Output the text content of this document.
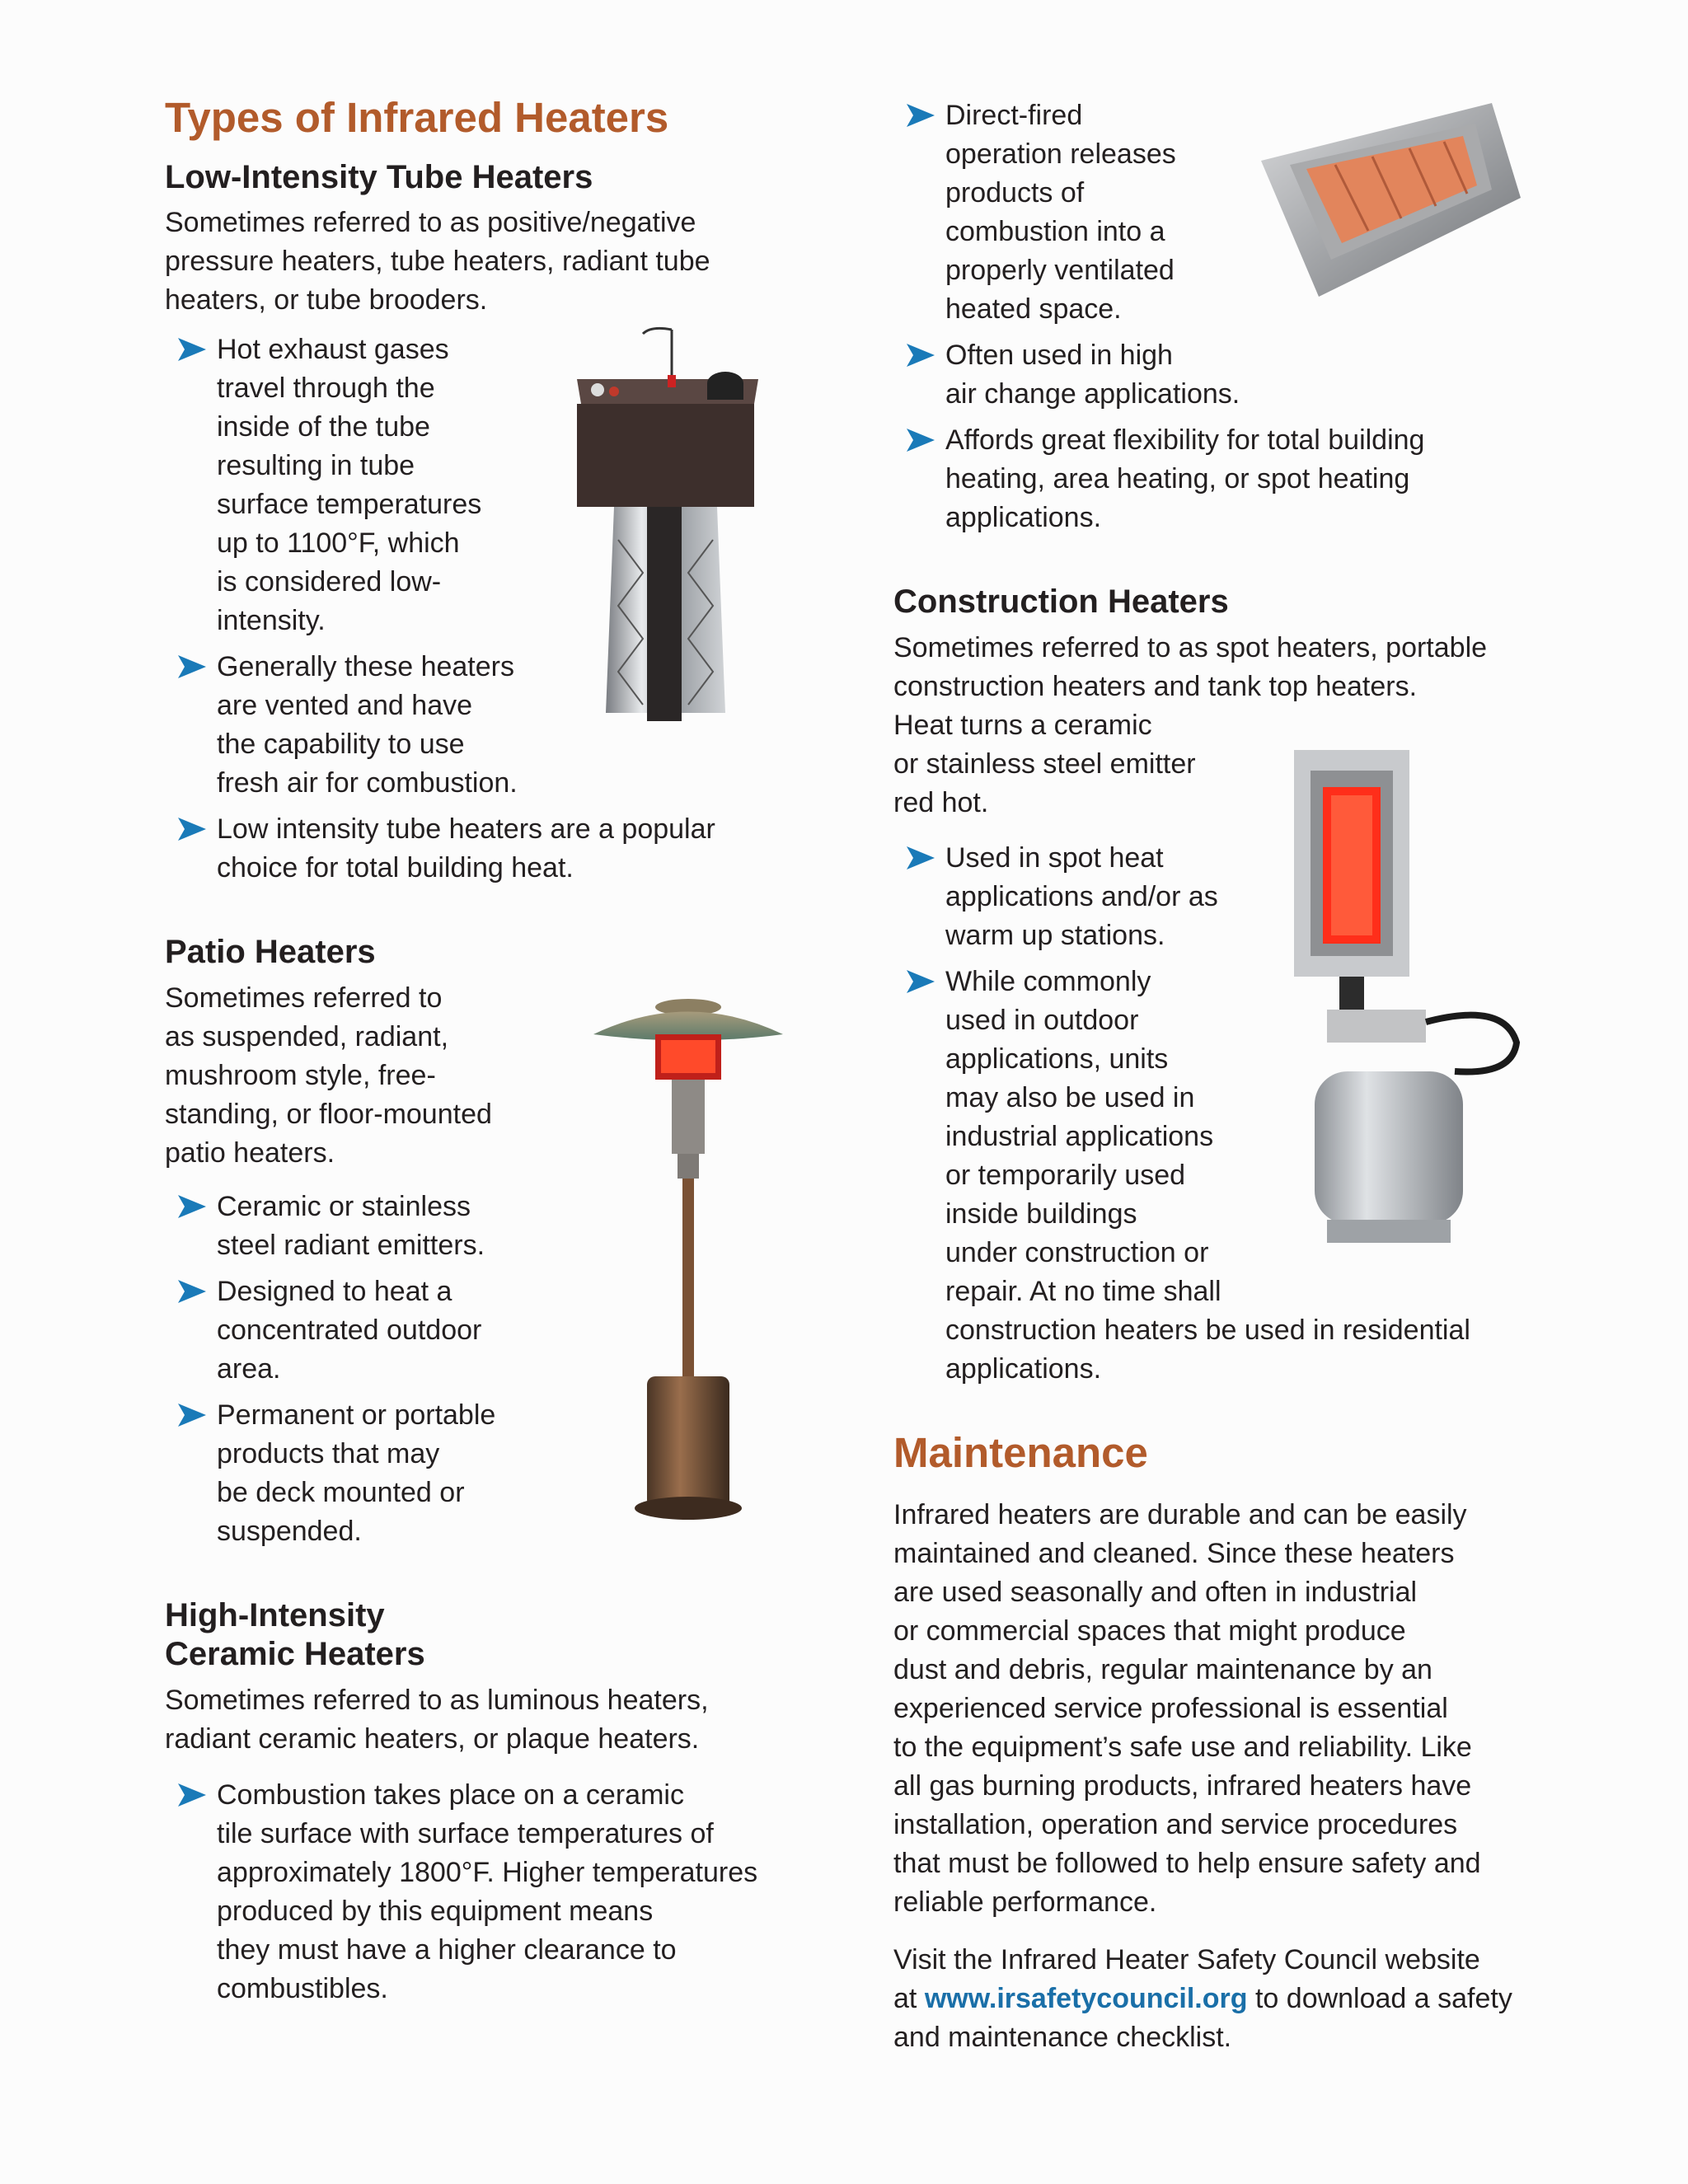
Types of Infrared Heaters
Low-Intensity Tube Heaters

Sometimes referred to as positive/negative
pressure heaters, tube heaters, radiant tube
heaters, or tube brooders.

Hot exhaust gases
travel through the
inside of the tube
resulting in tube
surface temperatures
up to 1100°F, which
is considered low-
intensity.
Generally these heaters
are vented and have
the capability to use
fresh air for combustion.
Low intensity tube heaters are a popular
choice for total building heat.
Patio Heaters

Sometimes referred to
as suspended, radiant,
mushroom style, free-
standing, or floor-mounted
patio heaters.

Ceramic or stainless
steel radiant emitters.
Designed to heat a
concentrated outdoor
area.
Permanent or portable
products that may
be deck mounted or
suspended.
High-Intensity
Ceramic Heaters

Sometimes referred to as luminous heaters,
radiant ceramic heaters, or plaque heaters.

Combustion takes place on a ceramic
tile surface with surface temperatures of
approximately 1800°F. Higher temperatures
produced by this equipment means
they must have a higher clearance to
combustibles.
Direct-fired
operation releases
products of
combustion into a
properly ventilated
heated space.
Often used in high
air change applications.
Affords great flexibility for total building
heating, area heating, or spot heating
applications.
Construction Heaters

Sometimes referred to as spot heaters, portable
construction heaters and tank top heaters.
Heat turns a ceramic
or stainless steel emitter
red hot.

Used in spot heat
applications and/or as
warm up stations.
While commonly
used in outdoor
applications, units
may also be used in
industrial applications
or temporarily used
inside buildings
under construction or
repair. At no time shall
construction heaters be used in residential
applications.
Maintenance

Infrared heaters are durable and can be easily
maintained and cleaned. Since these heaters
are used seasonally and often in industrial
or commercial spaces that might produce
dust and debris, regular maintenance by an
experienced service professional is essential
to the equipment’s safe use and reliability. Like
all gas burning products, infrared heaters have
installation, operation and service procedures
that must be followed to help ensure safety and
reliable performance.

Visit the Infrared Heater Safety Council website
at www.irsafetycouncil.org to download a safety
and maintenance checklist.
